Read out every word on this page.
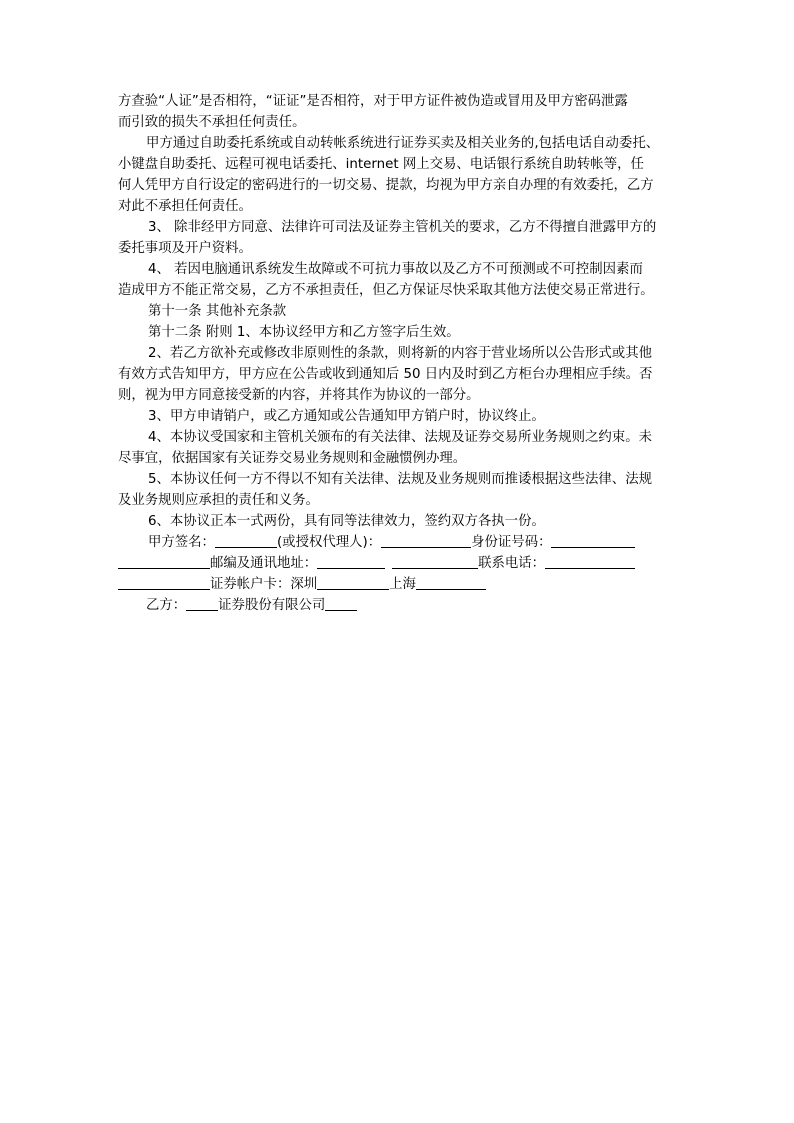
方查验“人证”是否相符，“证证”是否相符，对于甲方证件被伪造或冒用及甲方密码泄露
而引致的损失不承担任何责任。
甲方通过自助委托系统或自动转帐系统进行证券买卖及相关业务的,包括电话自动委托、
小键盘自助委托、远程可视电话委托、internet 网上交易、电话银行系统自助转帐等，任
何人凭甲方自行设定的密码进行的一切交易、提款，均视为甲方亲自办理的有效委托，乙方
对此不承担任何责任。
3、 除非经甲方同意、法律许可司法及证券主管机关的要求，乙方不得擅自泄露甲方的
委托事项及开户资料。
4、 若因电脑通讯系统发生故障或不可抗力事故以及乙方不可预测或不可控制因素而
造成甲方不能正常交易，乙方不承担责任，但乙方保证尽快采取其他方法使交易正常进行。
第十一条 其他补充条款
第十二条 附则 1、本协议经甲方和乙方签字后生效。
2、若乙方欲补充或修改非原则性的条款，则将新的内容于营业场所以公告形式或其他
有效方式告知甲方，甲方应在公告或收到通知后 50 日内及时到乙方柜台办理相应手续。否
则，视为甲方同意接受新的内容，并将其作为协议的一部分。
3、甲方申请销户，或乙方通知或公告通知甲方销户时，协议终止。
4、本协议受国家和主管机关颁布的有关法律、法规及证券交易所业务规则之约束。未
尽事宜，依据国家有关证券交易业务规则和金融惯例办理。
5、本协议任何一方不得以不知有关法律、法规及业务规则而推诿根据这些法律、法规
及业务规则应承担的责任和义务。
6、本协议正本一式两份，具有同等法律效力，签约双方各执一份。
甲方签名：	(或授权代理人)：	身份证号码：
邮编及通讯地址：	联系电话：
证券帐户卡：深圳	上海
乙方： 证券股份有限公司
